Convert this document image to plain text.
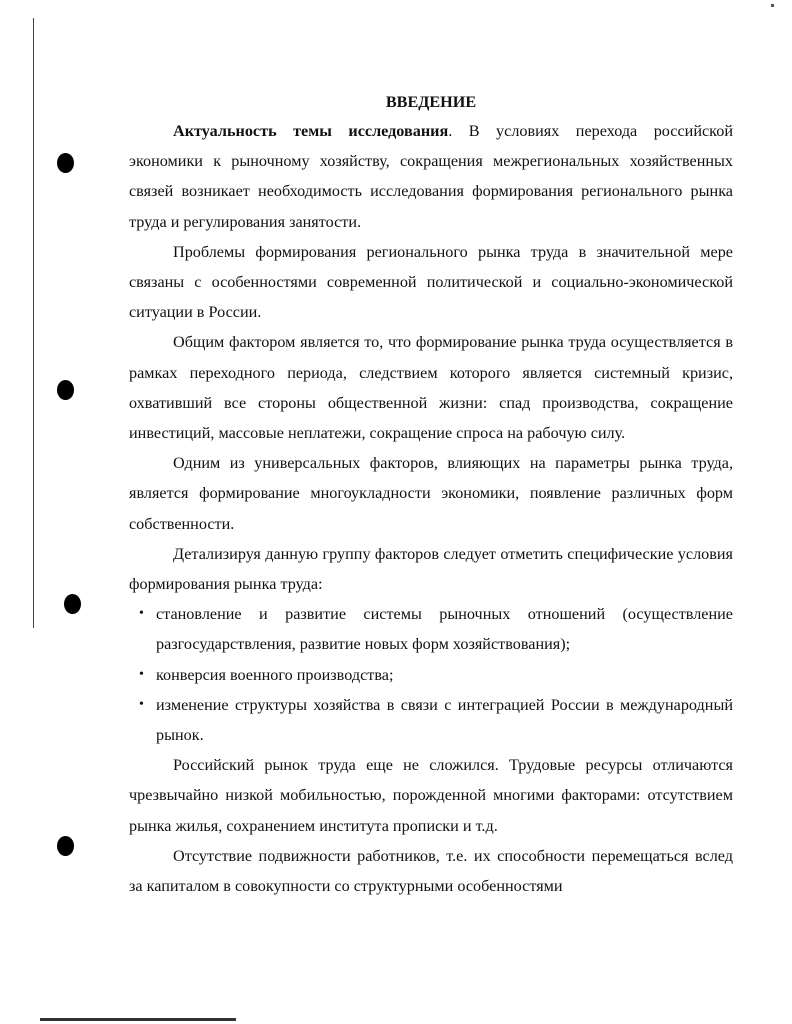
ВВЕДЕНИЕ

Актуальность темы исследования. В условиях перехода российской экономики к рыночному хозяйству, сокращения межрегиональных хозяйственных связей возникает необходимость исследования формирования регионального рынка труда и регулирования занятости.

Проблемы формирования регионального рынка труда в значительной мере связаны с особенностями современной политической и социально-экономической ситуации в России.

Общим фактором является то, что формирование рынка труда осуществляется в рамках переходного периода, следствием которого является системный кризис, охвативший все стороны общественной жизни: спад производства, сокращение инвестиций, массовые неплатежи, сокращение спроса на рабочую силу.

Одним из универсальных факторов, влияющих на параметры рынка труда, является формирование многоукладности экономики, появление различных форм собственности.

Детализируя данную группу факторов следует отметить специфические условия формирования рынка труда:

• становление и развитие системы рыночных отношений (осуществление разгосударствления, развитие новых форм хозяйствования);
• конверсия военного производства;
• изменение структуры хозяйства в связи с интеграцией России в международный рынок.

Российский рынок труда еще не сложился. Трудовые ресурсы отличаются чрезвычайно низкой мобильностью, порожденной многими факторами: отсутствием рынка жилья, сохранением института прописки и т.д.

Отсутствие подвижности работников, т.е. их способности перемещаться вслед за капиталом в совокупности со структурными особенностями
